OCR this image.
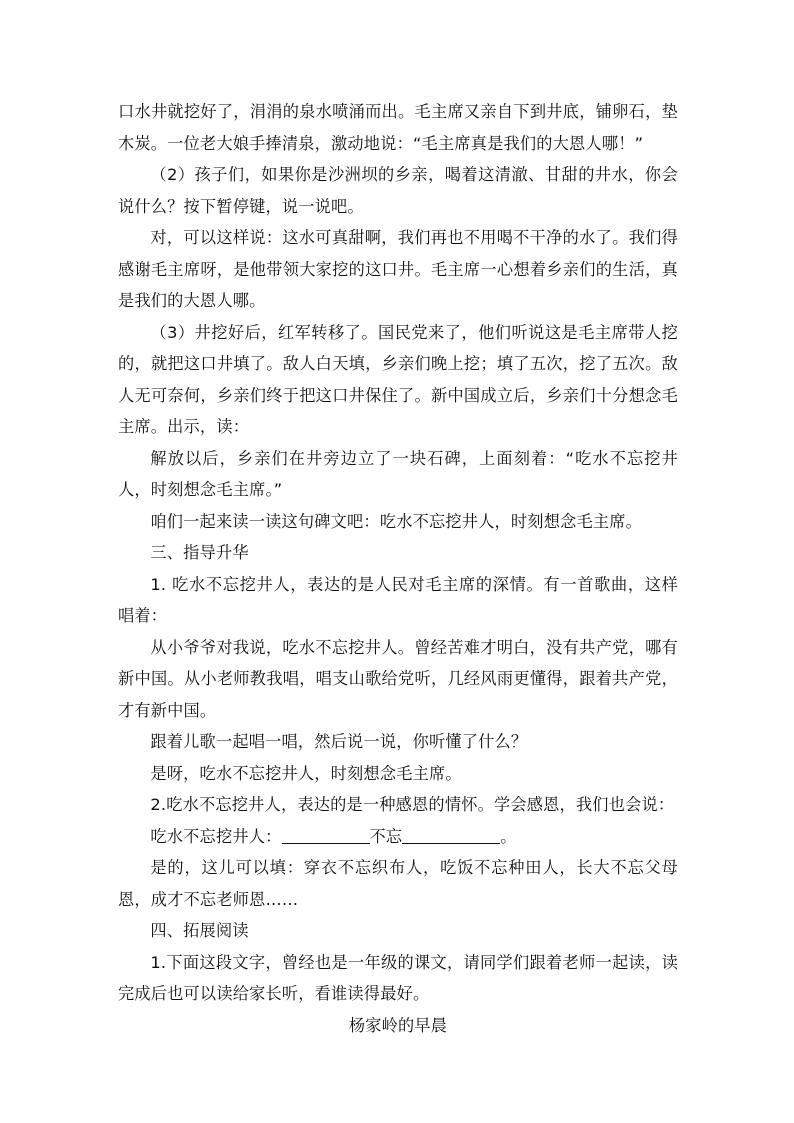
口水井就挖好了，涓涓的泉水喷涌而出。毛主席又亲自下到井底，铺卵石，垫木炭。一位老大娘手捧清泉，激动地说：“毛主席真是我们的大恩人哪！”

（2）孩子们，如果你是沙洲坝的乡亲，喝着这清澈、甘甜的井水，你会说什么？按下暂停键，说一说吧。

对，可以这样说：这水可真甜啊，我们再也不用喝不干净的水了。我们得感谢毛主席呀，是他带领大家挖的这口井。毛主席一心想着乡亲们的生活，真是我们的大恩人哪。

（3）井挖好后，红军转移了。国民党来了，他们听说这是毛主席带人挖的，就把这口井填了。敌人白天填，乡亲们晚上挖；填了五次，挖了五次。敌人无可奈何，乡亲们终于把这口井保住了。新中国成立后，乡亲们十分想念毛主席。出示，读：

解放以后，乡亲们在井旁边立了一块石碑，上面刻着：“吃水不忘挖井人，时刻想念毛主席。”

咱们一起来读一读这句碑文吧：吃水不忘挖井人，时刻想念毛主席。

三、指导升华

1. 吃水不忘挖井人，表达的是人民对毛主席的深情。有一首歌曲，这样唱着：

从小爷爷对我说，吃水不忘挖井人。曾经苦难才明白，没有共产党，哪有新中国。从小老师教我唱，唱支山歌给党听，几经风雨更懂得，跟着共产党，才有新中国。

跟着儿歌一起唱一唱，然后说一说，你听懂了什么？

是呀，吃水不忘挖井人，时刻想念毛主席。

2.吃水不忘挖井人，表达的是一种感恩的情怀。学会感恩，我们也会说：

吃水不忘挖井人：	不忘	。

是的，这儿可以填：穿衣不忘织布人，吃饭不忘种田人，长大不忘父母恩，成才不忘老师恩……

四、拓展阅读

1.下面这段文字，曾经也是一年级的课文，请同学们跟着老师一起读，读完成后也可以读给家长听，看谁读得最好。

杨家岭的早晨
